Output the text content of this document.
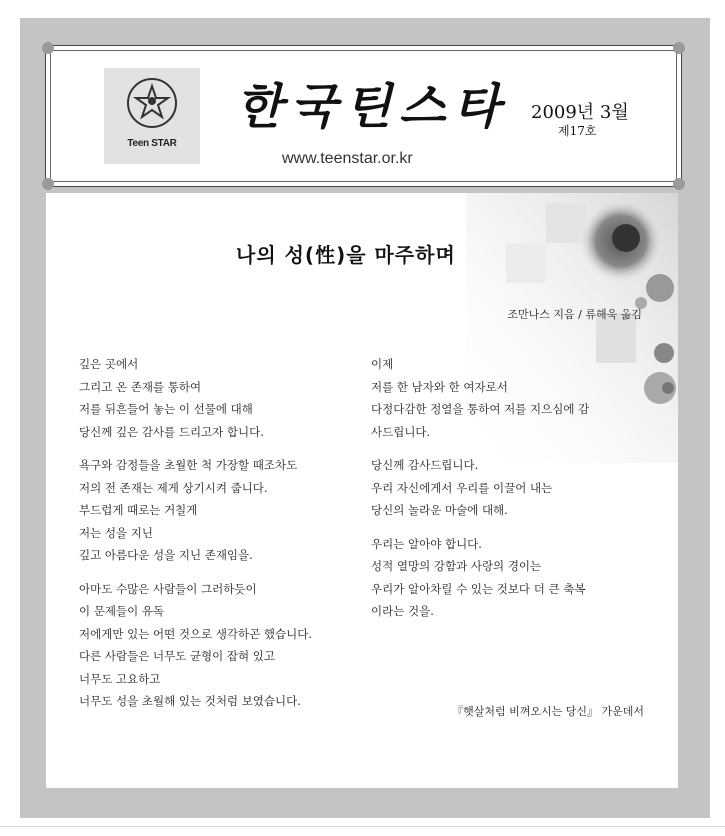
Teen STAR
한국틴스타 2009년 3월
제17호
www.teenstar.or.kr
나의 성(性)을 마주하며
조만나스 지음 / 류해욱 옮김
깊은 곳에서
그리고 온 존재를 통하여
저를 뒤흔들어 놓는 이 선물에 대해
당신께 깊은 감사를 드리고자 합니다.
욕구와 감정들을 초월한 척 가장할 때조차도
저의 전 존재는 제게 상기시켜 줍니다.
부드럽게 때로는 거칠게
저는 성을 지닌
깊고 아름다운 성을 지닌 존재임을.
아마도 수많은 사람들이 그러하듯이
이 문제들이 유독
저에게만 있는 어떤 것으로 생각하곤 했습니다.
다른 사람들은 너무도 균형이 잡혀 있고
너무도 고요하고
너무도 성을 초월해 있는 것처럼 보였습니다.
이제
저를 한 남자와 한 여자로서
다정다감한 정열을 통하여 저를 지으심에 감
사드립니다.
당신께 감사드립니다.
우리 자신에게서 우리를 이끌어 내는
당신의 놀라운 마술에 대해.
우리는 알아야 합니다.
성적 열망의 강함과 사랑의 경이는
우리가 알아차릴 수 있는 것보다 더 큰 축복
이라는 것을.
『햇살처럼 비껴오시는 당신』 가운데서
